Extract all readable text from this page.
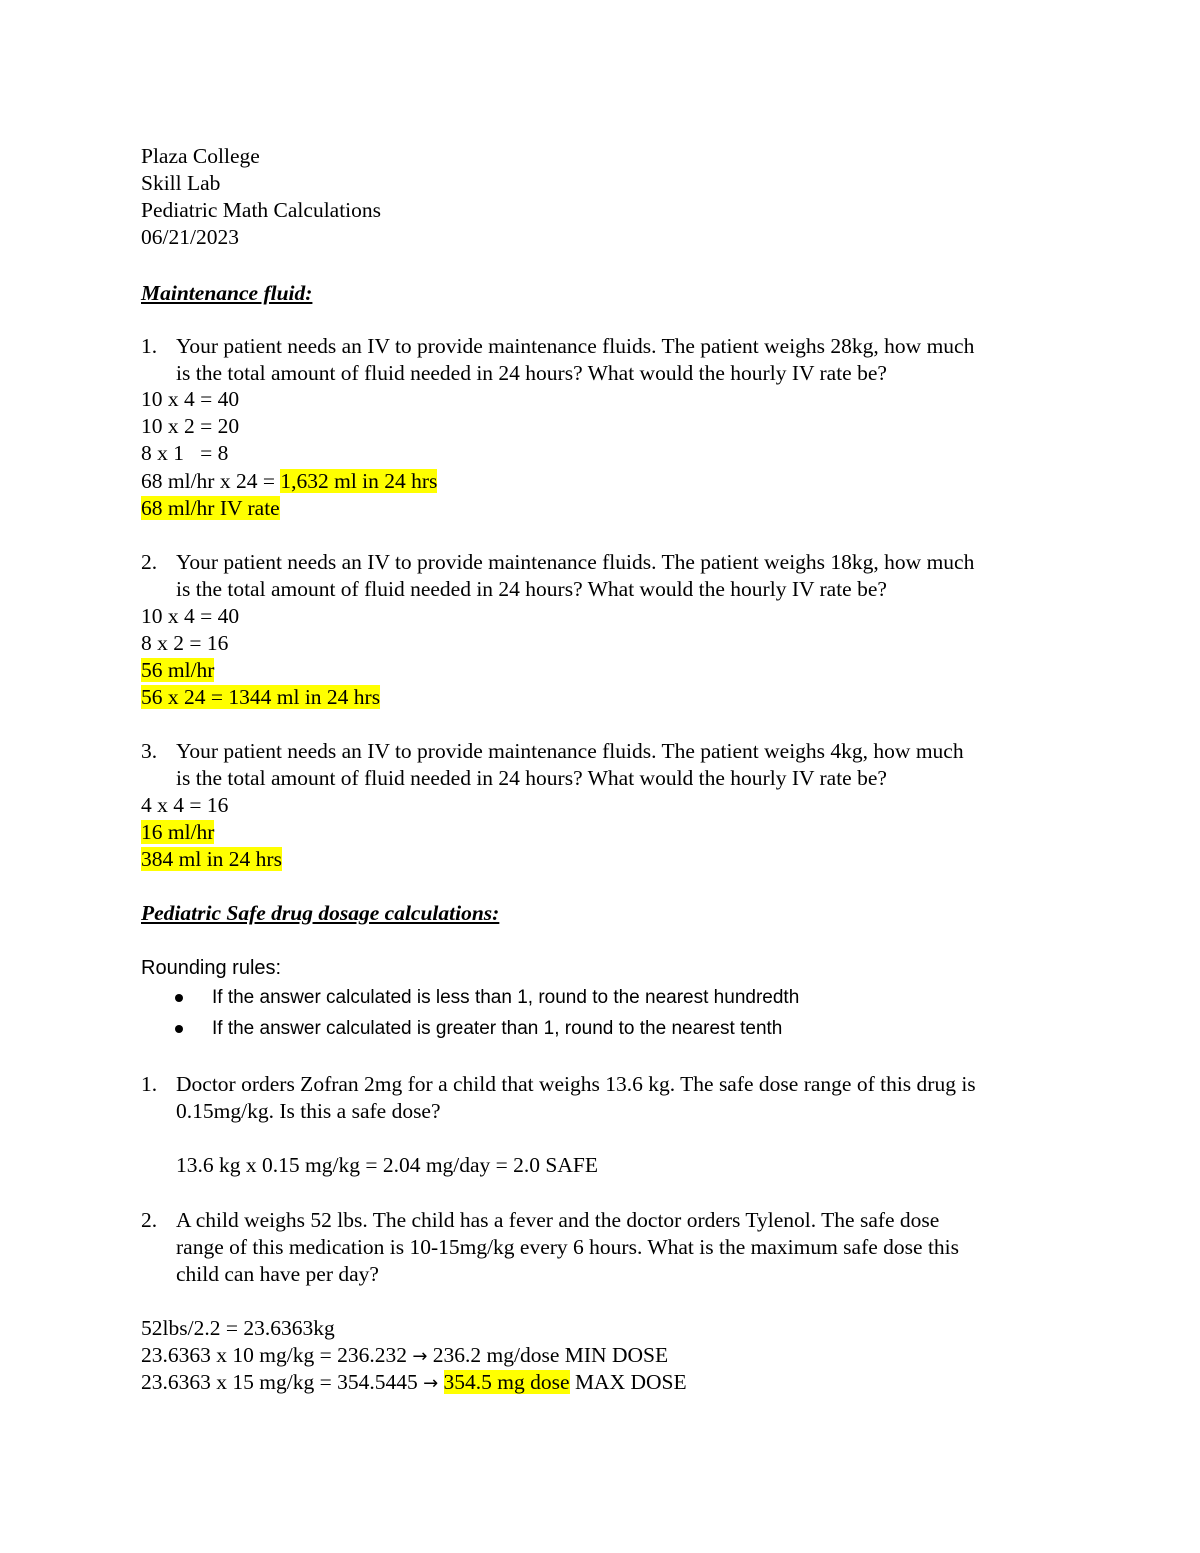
Plaza College
Skill Lab
Pediatric Math Calculations
06/21/2023
Maintenance fluid:
1. Your patient needs an IV to provide maintenance fluids. The patient weighs 28kg, how much
is the total amount of fluid needed in 24 hours? What would the hourly IV rate be?
10 x 4 = 40
10 x 2 = 20
8 x 1   = 8
68 ml/hr x 24 = 1,632 ml in 24 hrs
68 ml/hr IV rate
2. Your patient needs an IV to provide maintenance fluids. The patient weighs 18kg, how much
is the total amount of fluid needed in 24 hours? What would the hourly IV rate be?
10 x 4 = 40
8 x 2 = 16
56 ml/hr
56 x 24 = 1344 ml in 24 hrs
3. Your patient needs an IV to provide maintenance fluids. The patient weighs 4kg, how much
is the total amount of fluid needed in 24 hours? What would the hourly IV rate be?
4 x 4 = 16
16 ml/hr
384 ml in 24 hrs
Pediatric Safe drug dosage calculations:
Rounding rules:
If the answer calculated is less than 1, round to the nearest hundredth
If the answer calculated is greater than 1, round to the nearest tenth
1. Doctor orders Zofran 2mg for a child that weighs 13.6 kg. The safe dose range of this drug is
0.15mg/kg. Is this a safe dose?
13.6 kg x 0.15 mg/kg = 2.04 mg/day = 2.0 SAFE
2. A child weighs 52 lbs. The child has a fever and the doctor orders Tylenol. The safe dose
range of this medication is 10-15mg/kg every 6 hours. What is the maximum safe dose this
child can have per day?
52lbs/2.2 = 23.6363kg
23.6363 x 10 mg/kg = 236.232 → 236.2 mg/dose MIN DOSE
23.6363 x 15 mg/kg = 354.5445 → 354.5 mg dose MAX DOSE
